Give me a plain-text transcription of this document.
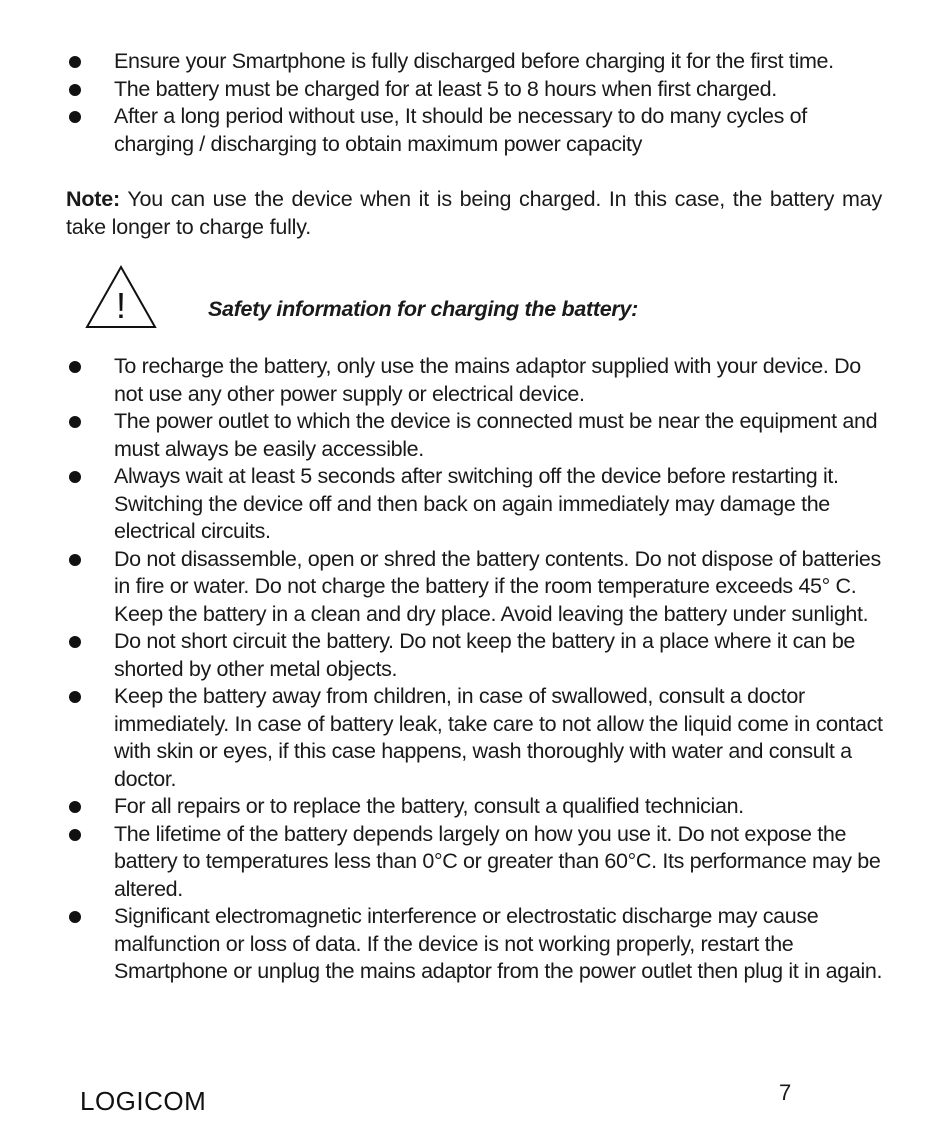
Ensure your Smartphone is fully discharged before charging it for the first time.
The battery must be charged for at least 5 to 8 hours when first charged.
After a long period without use, It should be necessary to do many cycles of charging / discharging to obtain maximum power capacity
Note: You can use the device when it is being charged. In this case, the battery may take longer to charge fully.
!	Safety information for charging the battery:
To recharge the battery, only use the mains adaptor supplied with your device. Do not use any other power supply or electrical device.
The power outlet to which the device is connected must be near the equipment and must always be easily accessible.
Always wait at least 5 seconds after switching off the device before restarting it. Switching the device off and then back on again immediately may damage the electrical circuits.
Do not disassemble, open or shred the battery contents. Do not dispose of batteries in fire or water. Do not charge the battery if the room temperature exceeds 45° C. Keep the battery in a clean and dry place. Avoid leaving the battery under sunlight.
Do not short circuit the battery. Do not keep the battery in a place where it can be shorted by other metal objects.
Keep the battery away from children, in case of swallowed, consult a doctor immediately. In case of battery leak, take care to not allow the liquid come in contact with skin or eyes, if this case happens, wash thoroughly with water and consult a doctor.
For all repairs or to replace the battery, consult a qualified technician.
The lifetime of the battery depends largely on how you use it. Do not expose the battery to temperatures less than 0°C or greater than 60°C. Its performance may be altered.
Significant electromagnetic interference or electrostatic discharge may cause malfunction or loss of data. If the device is not working properly, restart the Smartphone or unplug the mains adaptor from the power outlet then plug it in again.
LOGICOM	7
